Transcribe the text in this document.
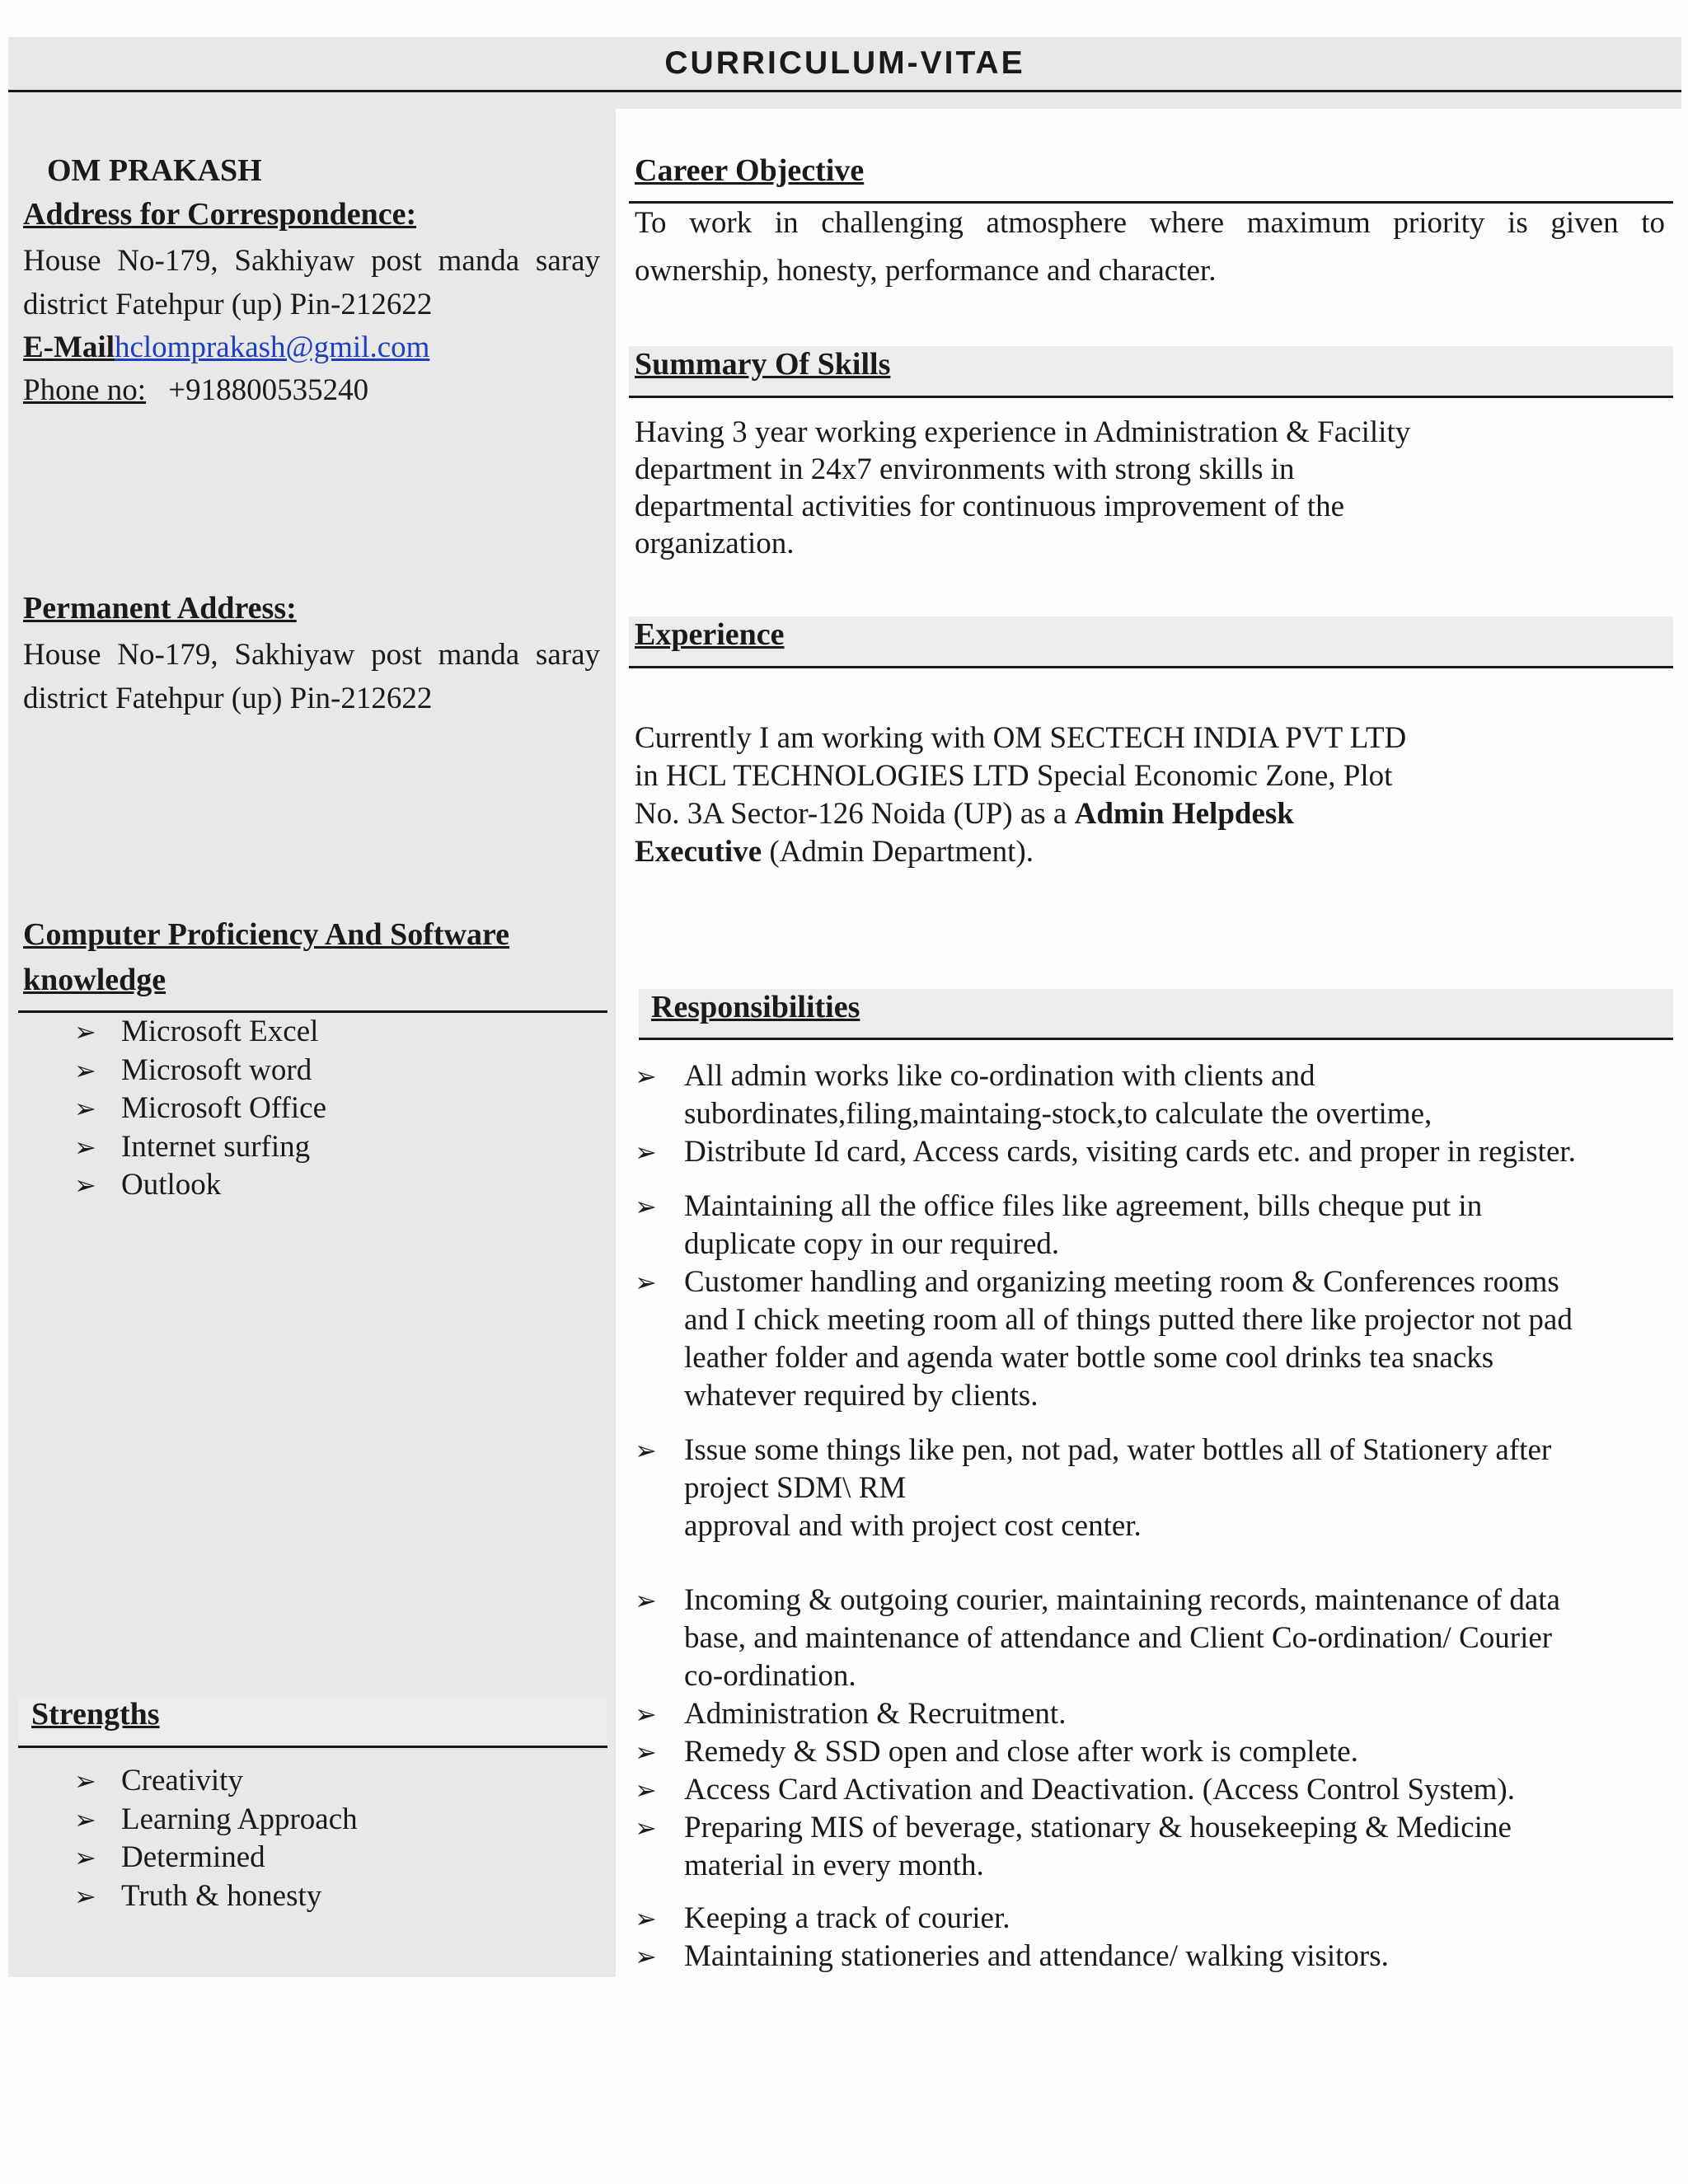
CURRICULUM-VITAE
OM PRAKASH
Address for Correspondence:
House No-179, Sakhiyaw post manda saray
district Fatehpur (up) Pin-212622
E-Mailhclomprakash@gmil.com
Phone no: +918800535240
Permanent Address:
House No-179, Sakhiyaw post manda saray
district Fatehpur (up) Pin-212622
Computer Proficiency And Software
knowledge
➢ Microsoft Excel
➢ Microsoft word
➢ Microsoft Office
➢ Internet surfing
➢ Outlook
Strengths
➢ Creativity
➢ Learning Approach
➢ Determined
➢ Truth & honesty
Career Objective
To work in challenging atmosphere where maximum priority is given to
ownership, honesty, performance and character.
Summary Of Skills
Having 3 year working experience in Administration & Facility
department in 24x7 environments with strong skills in
departmental activities for continuous improvement of the
organization.
Experience
Currently I am working with OM SECTECH INDIA PVT LTD
in HCL TECHNOLOGIES LTD Special Economic Zone, Plot
No. 3A Sector-126 Noida (UP) as a Admin Helpdesk
Executive (Admin Department).
Responsibilities
➢ All admin works like co-ordination with clients and
subordinates,filing,maintaing-stock,to calculate the overtime,
➢ Distribute Id card, Access cards, visiting cards etc. and proper in register.
➢ Maintaining all the office files like agreement, bills cheque put in
duplicate copy in our required.
➢ Customer handling and organizing meeting room & Conferences rooms
and I chick meeting room all of things putted there like projector not pad
leather folder and agenda water bottle some cool drinks tea snacks
whatever required by clients.
➢ Issue some things like pen, not pad, water bottles all of Stationery after
project SDM\ RM
approval and with project cost center.
➢ Incoming & outgoing courier, maintaining records, maintenance of data
base, and maintenance of attendance and Client Co-ordination/ Courier
co-ordination.
➢ Administration & Recruitment.
➢ Remedy & SSD open and close after work is complete.
➢ Access Card Activation and Deactivation. (Access Control System).
➢ Preparing MIS of beverage, stationary & housekeeping & Medicine
material in every month.
➢ Keeping a track of courier.
➢ Maintaining stationeries and attendance/ walking visitors.
